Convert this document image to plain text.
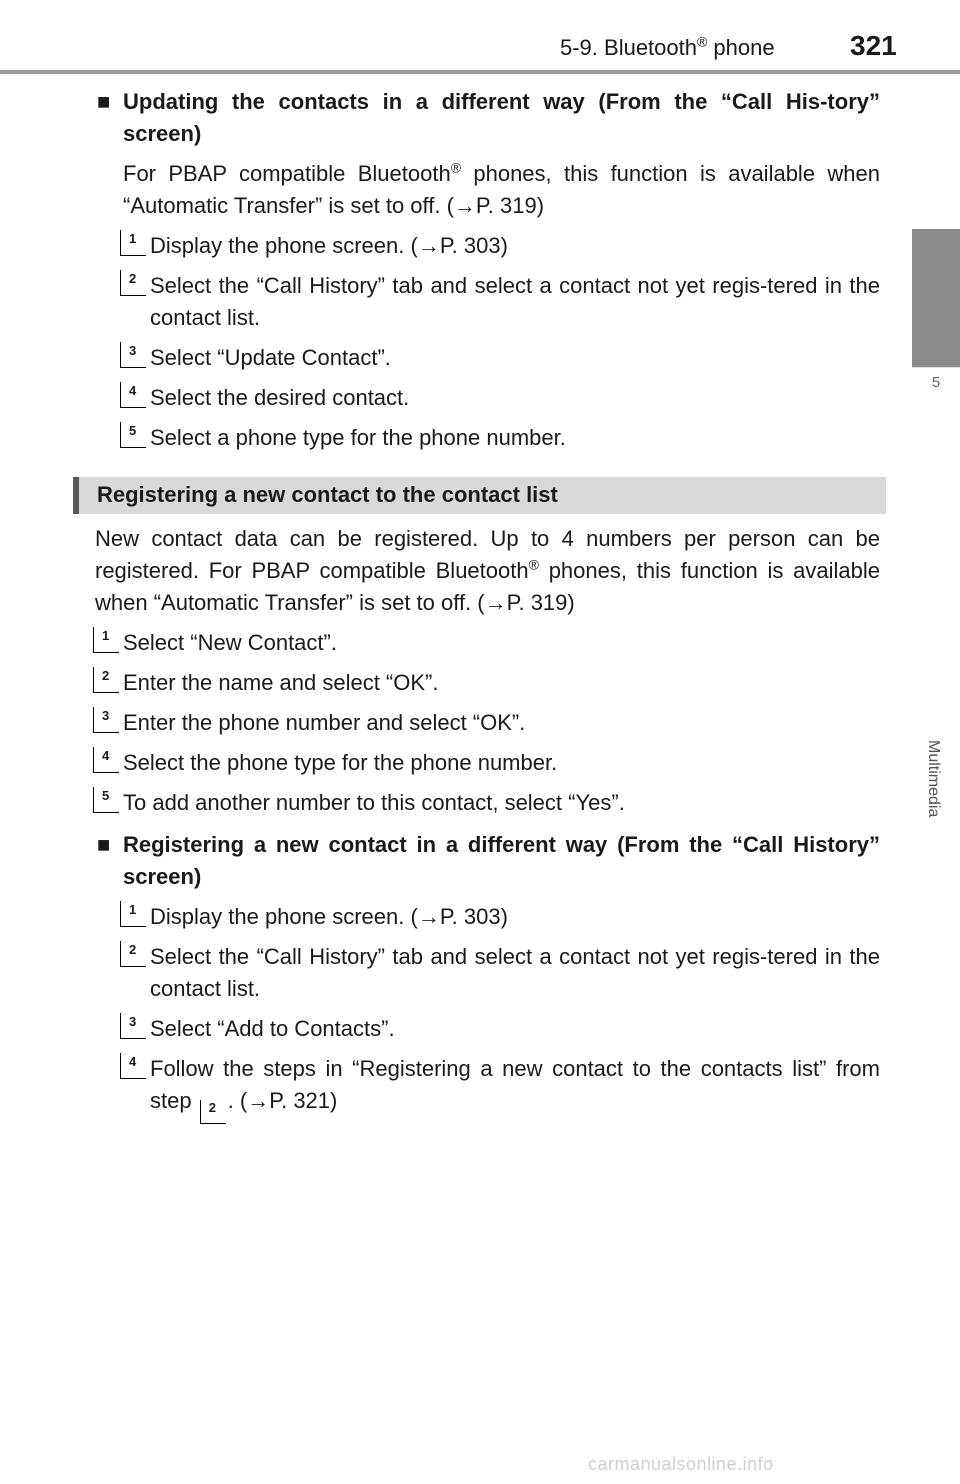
5-9. Bluetooth® phone	321
5
Multimedia
■ Updating the contacts in a different way (From the “Call His-tory” screen)
For PBAP compatible Bluetooth® phones, this function is available when “Automatic Transfer” is set to off. (→P. 319)
1 Display the phone screen. (→P. 303)
2 Select the “Call History” tab and select a contact not yet regis-tered in the contact list.
3 Select “Update Contact”.
4 Select the desired contact.
5 Select a phone type for the phone number.
Registering a new contact to the contact list
New contact data can be registered. Up to 4 numbers per person can be registered. For PBAP compatible Bluetooth® phones, this function is available when “Automatic Transfer” is set to off. (→P. 319)
1 Select “New Contact”.
2 Enter the name and select “OK”.
3 Enter the phone number and select “OK”.
4 Select the phone type for the phone number.
5 To add another number to this contact, select “Yes”.
■ Registering a new contact in a different way (From the “Call History” screen)
1 Display the phone screen. (→P. 303)
2 Select the “Call History” tab and select a contact not yet regis-tered in the contact list.
3 Select “Add to Contacts”.
4 Follow the steps in “Registering a new contact to the contacts list” from step 2 . (→P. 321)
carmanualsonline.info
